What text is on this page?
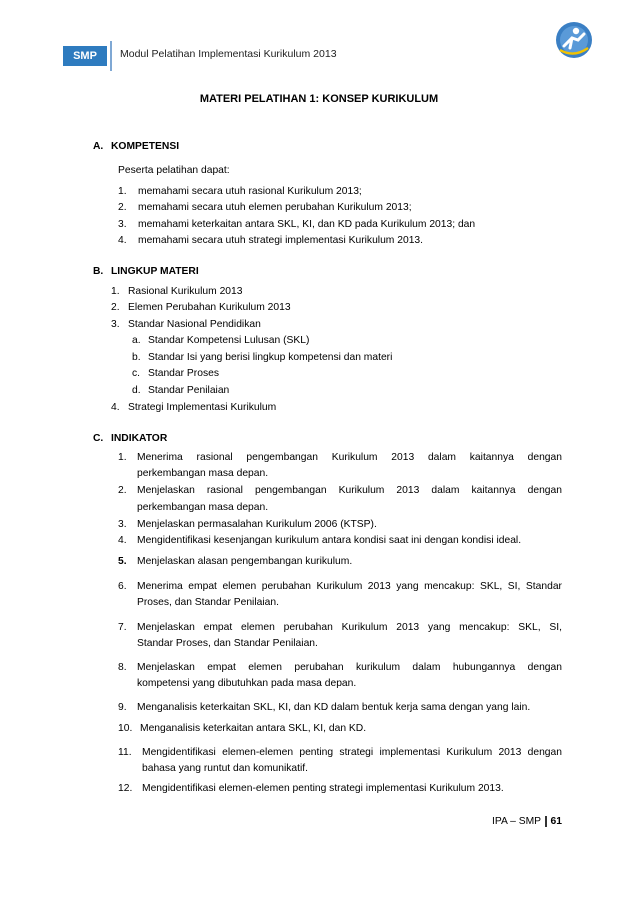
SMP	Modul Pelatihan Implementasi Kurikulum 2013
MATERI PELATIHAN 1: KONSEP KURIKULUM
A. KOMPETENSI
Peserta pelatihan dapat:
1. memahami secara utuh rasional Kurikulum 2013;
2. memahami secara utuh elemen perubahan Kurikulum 2013;
3. memahami keterkaitan antara SKL, KI, dan KD pada Kurikulum 2013; dan
4. memahami secara utuh strategi implementasi Kurikulum 2013.
B. LINGKUP MATERI
1. Rasional Kurikulum 2013
2. Elemen Perubahan Kurikulum 2013
3. Standar Nasional Pendidikan
a. Standar Kompetensi Lulusan (SKL)
b. Standar Isi yang berisi lingkup kompetensi dan materi
c. Standar Proses
d. Standar Penilaian
4. Strategi Implementasi Kurikulum
C. INDIKATOR
1. Menerima rasional pengembangan Kurikulum 2013 dalam kaitannya dengan
perkembangan masa depan.
2. Menjelaskan rasional pengembangan Kurikulum 2013 dalam kaitannya dengan
perkembangan masa depan.
3. Menjelaskan permasalahan Kurikulum 2006 (KTSP).
4. Mengidentifikasi kesenjangan kurikulum antara kondisi saat ini dengan kondisi ideal.
5. Menjelaskan alasan pengembangan kurikulum.
6. Menerima empat elemen perubahan Kurikulum 2013 yang mencakup: SKL, SI, Standar
Proses, dan Standar Penilaian.
7. Menjelaskan empat elemen perubahan Kurikulum 2013 yang mencakup: SKL, SI,
Standar Proses, dan Standar Penilaian.
8. Menjelaskan empat elemen perubahan kurikulum dalam hubungannya dengan
kompetensi yang dibutuhkan pada masa depan.
9. Menganalisis keterkaitan SKL, KI, dan KD dalam bentuk kerja sama dengan yang lain.
10. Menganalisis keterkaitan antara SKL, KI, dan KD.
11. Mengidentifikasi elemen-elemen penting strategi implementasi Kurikulum 2013 dengan
bahasa yang runtut dan komunikatif.
12. Mengidentifikasi elemen-elemen penting strategi implementasi Kurikulum 2013.
IPA – SMP 61
